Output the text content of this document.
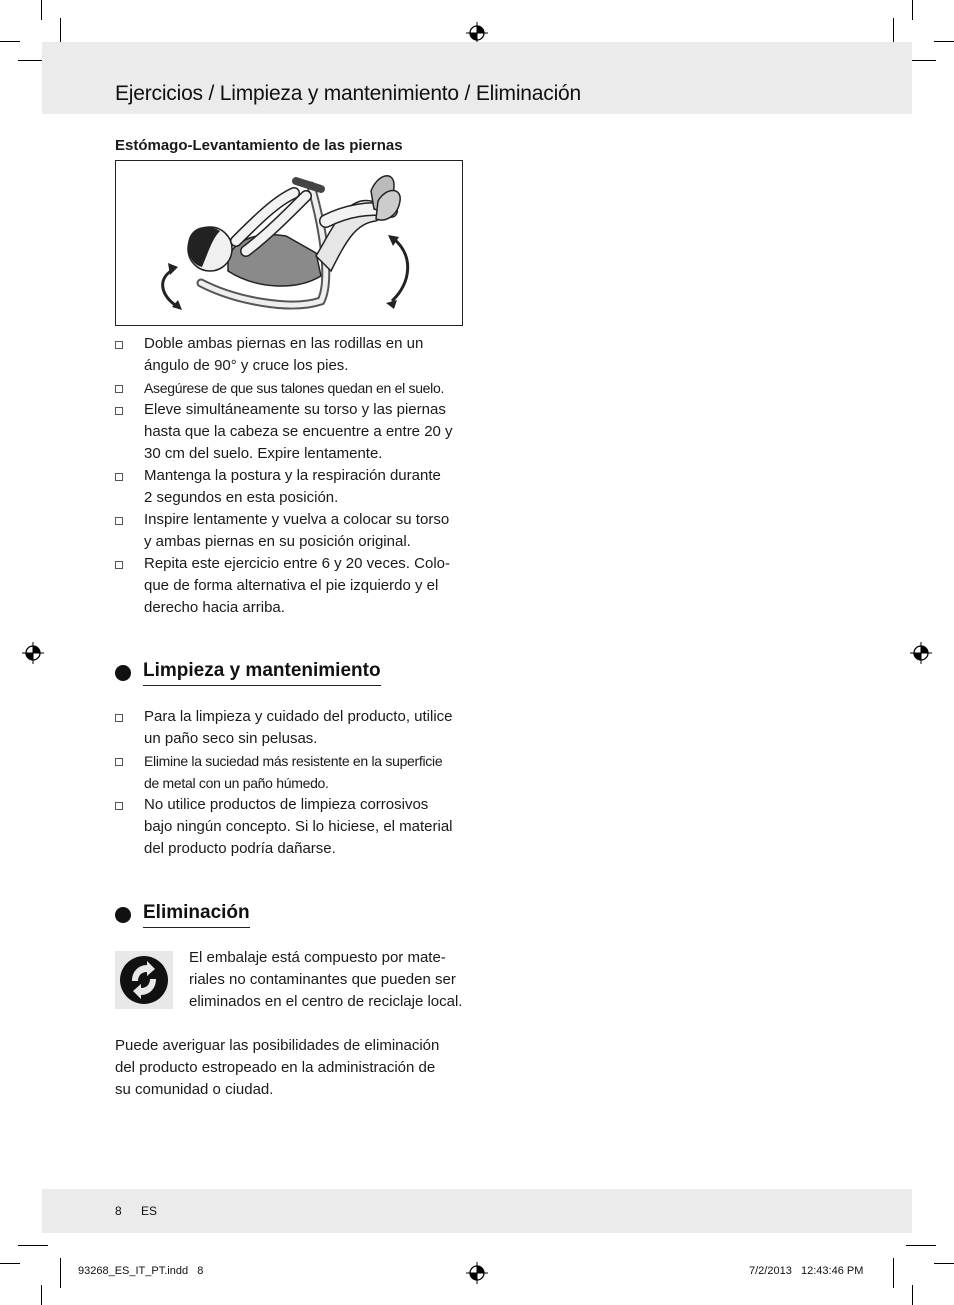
Ejercicios / Limpieza y mantenimiento / Eliminación
Estómago-Levantamiento de las piernas
Doble ambas piernas en las rodillas en un
ángulo de 90° y cruce los pies.
Asegúrese de que sus talones quedan en el suelo.
Eleve simultáneamente su torso y las piernas
hasta que la cabeza se encuentre a entre 20 y
30 cm del suelo. Expire lentamente.
Mantenga la postura y la respiración durante
2 segundos en esta posición.
Inspire lentamente y vuelva a colocar su torso
y ambas piernas en su posición original.
Repita este ejercicio entre 6 y 20 veces. Colo-
que de forma alternativa el pie izquierdo y el
derecho hacia arriba.
Limpieza y mantenimiento
Para la limpieza y cuidado del producto, utilice
un paño seco sin pelusas.
Elimine la suciedad más resistente en la superficie
de metal con un paño húmedo.
No utilice productos de limpieza corrosivos
bajo ningún concepto. Si lo hiciese, el material
del producto podría dañarse.
Eliminación
El embalaje está compuesto por mate-
riales no contaminantes que pueden ser
eliminados en el centro de reciclaje local.
Puede averiguar las posibilidades de eliminación
del producto estropeado en la administración de
su comunidad o ciudad.
8 ES
93268_ES_IT_PT.indd   8	7/2/2013   12:43:46 PM
